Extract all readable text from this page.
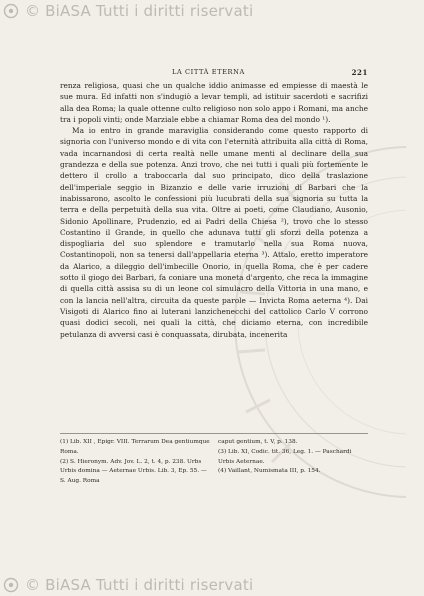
© BiASA Tutti i diritti riservati
LA CITTÀ ETERNA	221

renza religiosa, quasi che un qualche iddio animasse ed empiesse di maestà le sue mura. Ed infatti non s'indugiò a levar templi, ad istituir sacerdoti e sacrifizi alla dea Roma; la quale ottenne culto religioso non solo appo i Romani, ma anche tra i popoli vinti; onde Marziale ebbe a chiamar Roma dea del mondo ¹).

Ma io entro in grande maraviglia considerando come questo rapporto di signoria con l'universo mondo e di vita con l'eternità attribuita alla città di Roma, vada incarnandosi di certa realtà nelle umane menti al declinare della sua grandezza e della sue potenza. Anzi trovo, che nei tutti i quali più fortemente le dettero il crollo a traboccarla dal suo principato, dico della traslazione dell'imperiale seggio in Bizanzio e delle varie irruzioni di Barbari che la inabissarono, ascolto le confessioni più lucubrati della sua signoria su tutta la terra e della perpetuità della sua vita. Oltre ai poeti, come Claudiano, Ausonio, Sidonio Apollinare, Prudenzio, ed ai Padri della Chiesa ²), trovo che lo stesso Costantino il Grande, in quello che adunava tutti gli sforzi della potenza a dispogliaria del suo splendore e tramutarlo nella sua Roma nuova, Costantinopoli, non sa tenersi dall'appellaria eterna ³). Attalo, eretto imperatore da Alarico, a dileggio dell'imbecille Onorio, in quella Roma, che è per cadere sotto il giogo dei Barbari, fa coniare una moneta d'argento, che reca la immagine di quella città assisa su di un leone col simulacro della Vittoria in una mano, e con la lancia nell'altra, circuita da queste parole — Invicta Roma aeterna ⁴). Dai Visigoti di Alarico fino ai luterani lanzichenecchi del cattolico Carlo V corrono quasi dodici secoli, nei quali la città, che diciamo eterna, con incredibile petulanza di avversi casi è conquassata, dirubata, incenerita

(1) Lib. XII , Epigr. VIII. Terrarum Dea gentiumque Roma.

(2) S. Hieronym. Adv. Jov. L. 2, t. 4, p. 238. Urbs Urbis domina — Aeternae Urbis. Lib. 3, Ep. 55. — S. Aug. Roma

caput gentium, t. V, p. 138.

(3) Lib. XI, Codic. tit. 36, Leg. 1. — Paschardi Urbis Aeternae.

(4) Vaillant, Numismata III, p. 154.

© BiASA Tutti i diritti riservati
